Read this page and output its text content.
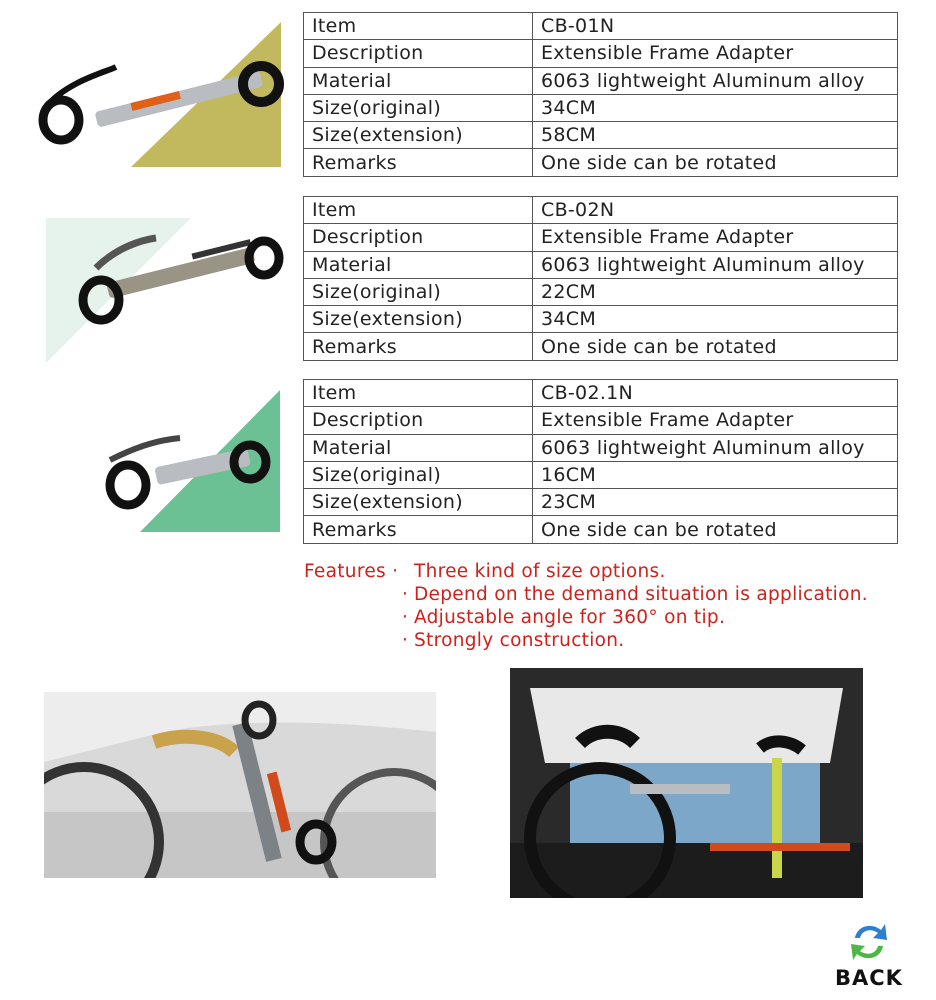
Item	CB-01N
Description	Extensible Frame Adapter
Material	6063 lightweight Aluminum alloy
Size(original)	34CM
Size(extension)	58CM
Remarks	One side can be rotated
Item	CB-02N
Description	Extensible Frame Adapter
Material	6063 lightweight Aluminum alloy
Size(original)	22CM
Size(extension)	34CM
Remarks	One side can be rotated
Item	CB-02.1N
Description	Extensible Frame Adapter
Material	6063 lightweight Aluminum alloy
Size(original)	16CM
Size(extension)	23CM
Remarks	One side can be rotated
Features · Three kind of size options.
· Depend on the demand situation is application.
· Adjustable angle for 360° on tip.
· Strongly construction.
BACK
